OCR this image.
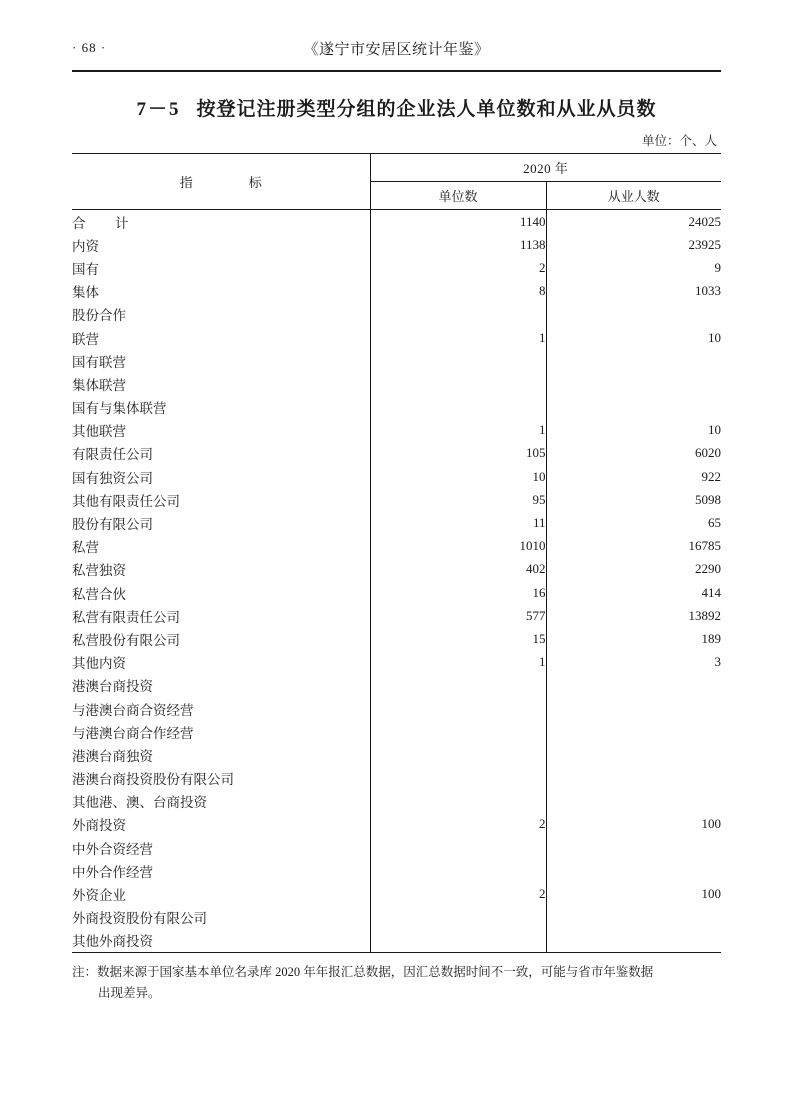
· 68 ·	《遂宁市安居区统计年鉴》
7－5 按登记注册类型分组的企业法人单位数和从业从员数
单位：个、人
指　　标	2020 年	
	单位数	从业人数
合　计	1140	24025
内资	1138	23925
国有	2	9
集体	8	1033
股份合作		
联营	1	10
国有联营		
集体联营		
国有与集体联营		
其他联营	1	10
有限责任公司	105	6020
国有独资公司	10	922
其他有限责任公司	95	5098
股份有限公司	11	65
私营	1010	16785
私营独资	402	2290
私营合伙	16	414
私营有限责任公司	577	13892
私营股份有限公司	15	189
其他内资	1	3
港澳台商投资		
与港澳台商合资经营		
与港澳台商合作经营		
港澳台商独资		
港澳台商投资股份有限公司		
其他港、澳、台商投资		
外商投资	2	100
中外合资经营		
中外合作经营		
外资企业	2	100
外商投资股份有限公司		
其他外商投资		
注：数据来源于国家基本单位名录库 2020 年年报汇总数据，因汇总数据时间不一致，可能与省市年鉴数据
出现差异。
